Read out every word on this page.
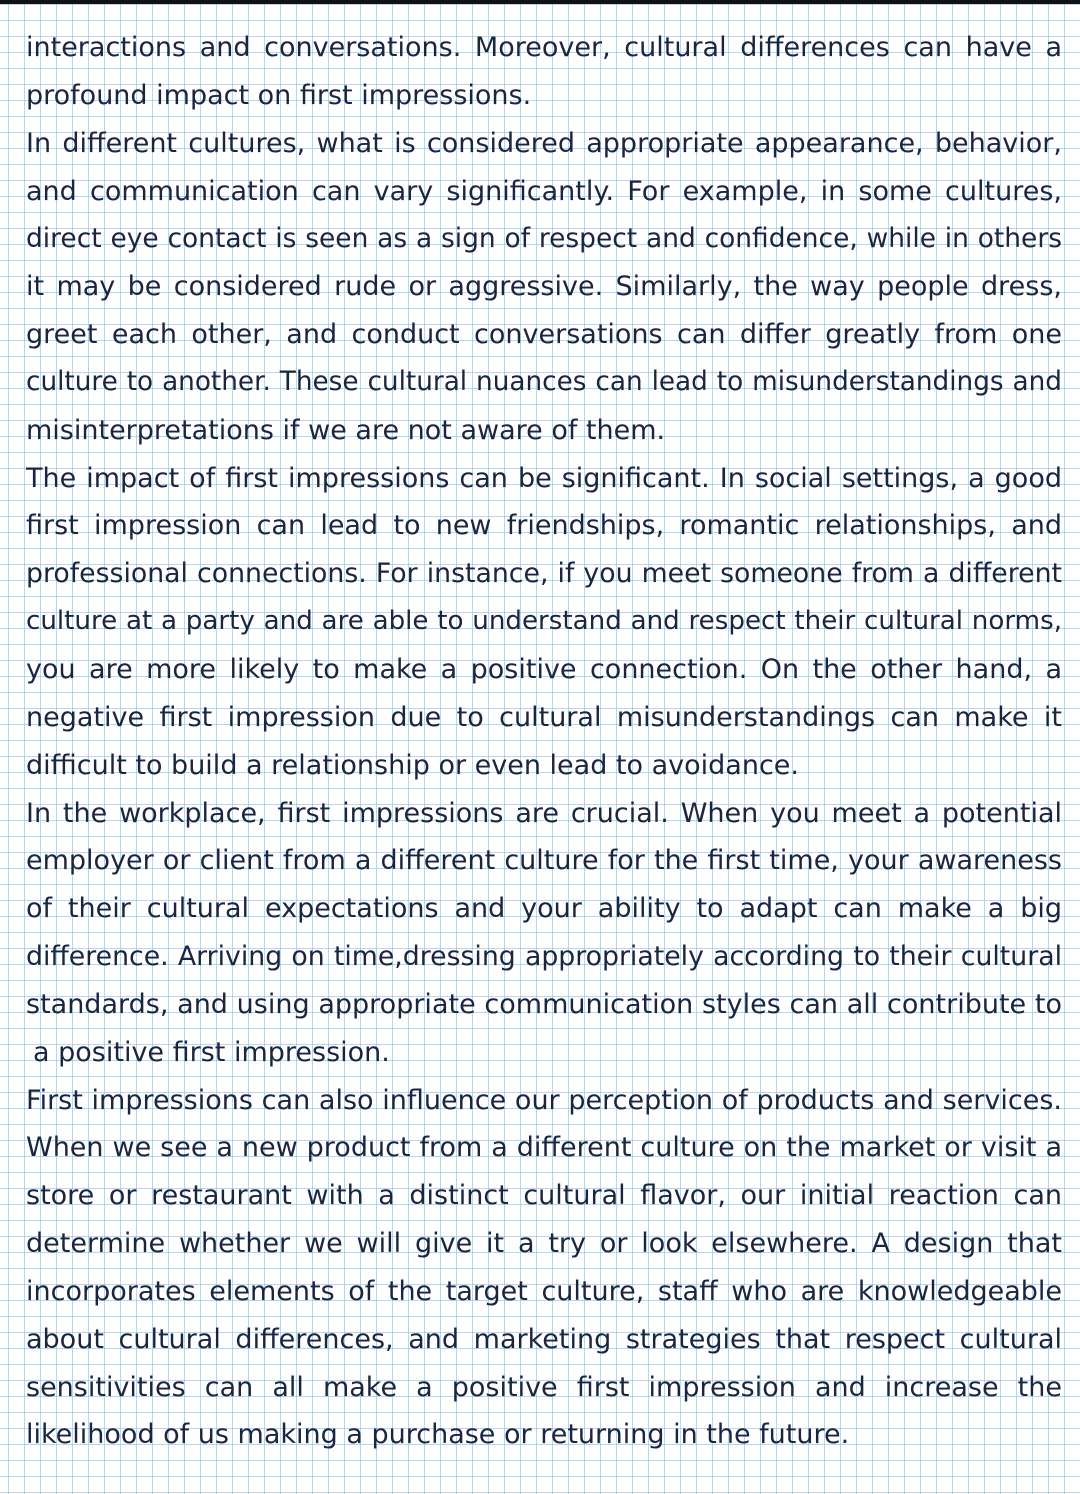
interactions and conversations. Moreover, cultural differences can have a
profound impact on first impressions.
In different cultures, what is considered appropriate appearance, behavior,
and communication can vary significantly. For example, in some cultures,
direct eye contact is seen as a sign of respect and confidence, while in others
it may be considered rude or aggressive. Similarly, the way people dress,
greet each other, and conduct conversations can differ greatly from one
culture to another. These cultural nuances can lead to misunderstandings and
misinterpretations if we are not aware of them.
The impact of first impressions can be significant. In social settings, a good
first impression can lead to new friendships, romantic relationships, and
professional connections. For instance, if you meet someone from a different
culture at a party and are able to understand and respect their cultural norms,
you are more likely to make a positive connection. On the other hand, a
negative first impression due to cultural misunderstandings can make it
difficult to build a relationship or even lead to avoidance.
In the workplace, first impressions are crucial. When you meet a potential
employer or client from a different culture for the first time, your awareness
of their cultural expectations and your ability to adapt can make a big
difference. Arriving on time,dressing appropriately according to their cultural
standards, and using appropriate communication styles can all contribute to
a positive first impression.
First impressions can also influence our perception of products and services.
When we see a new product from a different culture on the market or visit a
store or restaurant with a distinct cultural flavor, our initial reaction can
determine whether we will give it a try or look elsewhere. A design that
incorporates elements of the target culture, staff who are knowledgeable
about cultural differences, and marketing strategies that respect cultural
sensitivities can all make a positive first impression and increase the
likelihood of us making a purchase or returning in the future.
